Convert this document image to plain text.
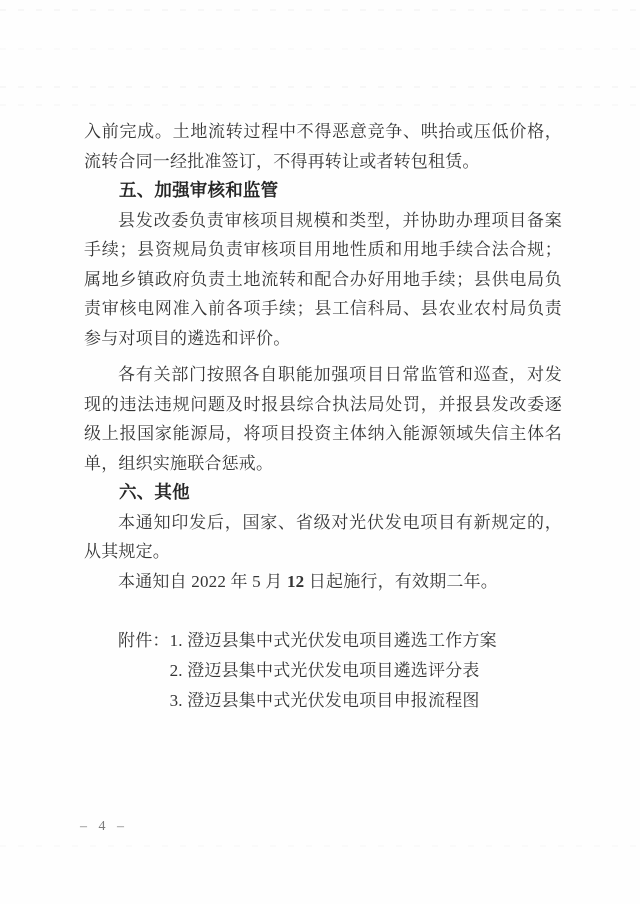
入前完成。土地流转过程中不得恶意竞争、哄抬或压低价格，流转合同一经批准签订，不得再转让或者转包租赁。
五、加强审核和监管
县发改委负责审核项目规模和类型，并协助办理项目备案手续；县资规局负责审核项目用地性质和用地手续合法合规；属地乡镇政府负责土地流转和配合办好用地手续；县供电局负责审核电网准入前各项手续；县工信科局、县农业农村局负责参与对项目的遴选和评价。
各有关部门按照各自职能加强项目日常监管和巡查，对发现的违法违规问题及时报县综合执法局处罚，并报县发改委逐级上报国家能源局，将项目投资主体纳入能源领域失信主体名单，组织实施联合惩戒。
六、其他
本通知印发后，国家、省级对光伏发电项目有新规定的，从其规定。
本通知自 2022 年 5 月 12 日起施行，有效期二年。
附件： 1. 澄迈县集中式光伏发电项目遴选工作方案
2. 澄迈县集中式光伏发电项目遴选评分表
3. 澄迈县集中式光伏发电项目申报流程图
– 4 –
